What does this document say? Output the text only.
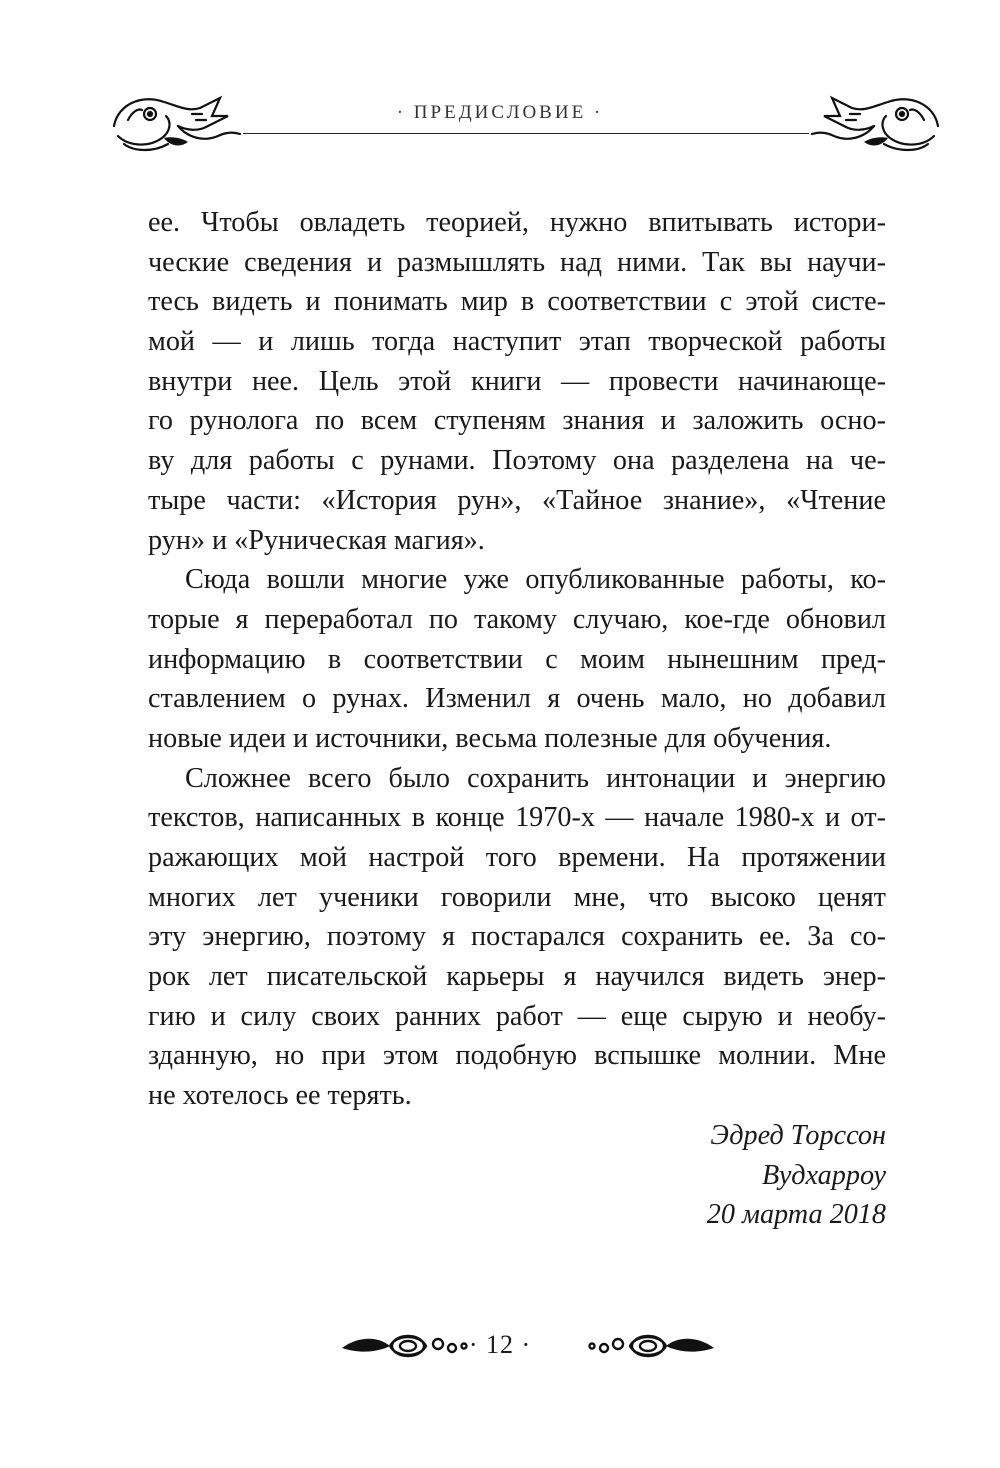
· ПРЕДИСЛОВИЕ ·
ее. Чтобы овладеть теорией, нужно впитывать истори-
ческие сведения и размышлять над ними. Так вы научи-
тесь видеть и понимать мир в соответствии с этой систе-
мой — и лишь тогда наступит этап творческой работы
внутри нее. Цель этой книги — провести начинающе-
го рунолога по всем ступеням знания и заложить осно-
ву для работы с рунами. Поэтому она разделена на че-
тыре части: «История рун», «Тайное знание», «Чтение
рун» и «Руническая магия».
Сюда вошли многие уже опубликованные работы, ко-
торые я переработал по такому случаю, кое-где обновил
информацию в соответствии с моим нынешним пред-
ставлением о рунах. Изменил я очень мало, но добавил
новые идеи и источники, весьма полезные для обучения.
Сложнее всего было сохранить интонации и энергию
текстов, написанных в конце 1970-х — начале 1980-х и от-
ражающих мой настрой того времени. На протяжении
многих лет ученики говорили мне, что высоко ценят
эту энергию, поэтому я постарался сохранить ее. За со-
рок лет писательской карьеры я научился видеть энер-
гию и силу своих ранних работ — еще сырую и необу-
зданную, но при этом подобную вспышке молнии. Мне
не хотелось ее терять.
Эдред Торссон
Вудхарроу
20 марта 2018
· 12 ·
